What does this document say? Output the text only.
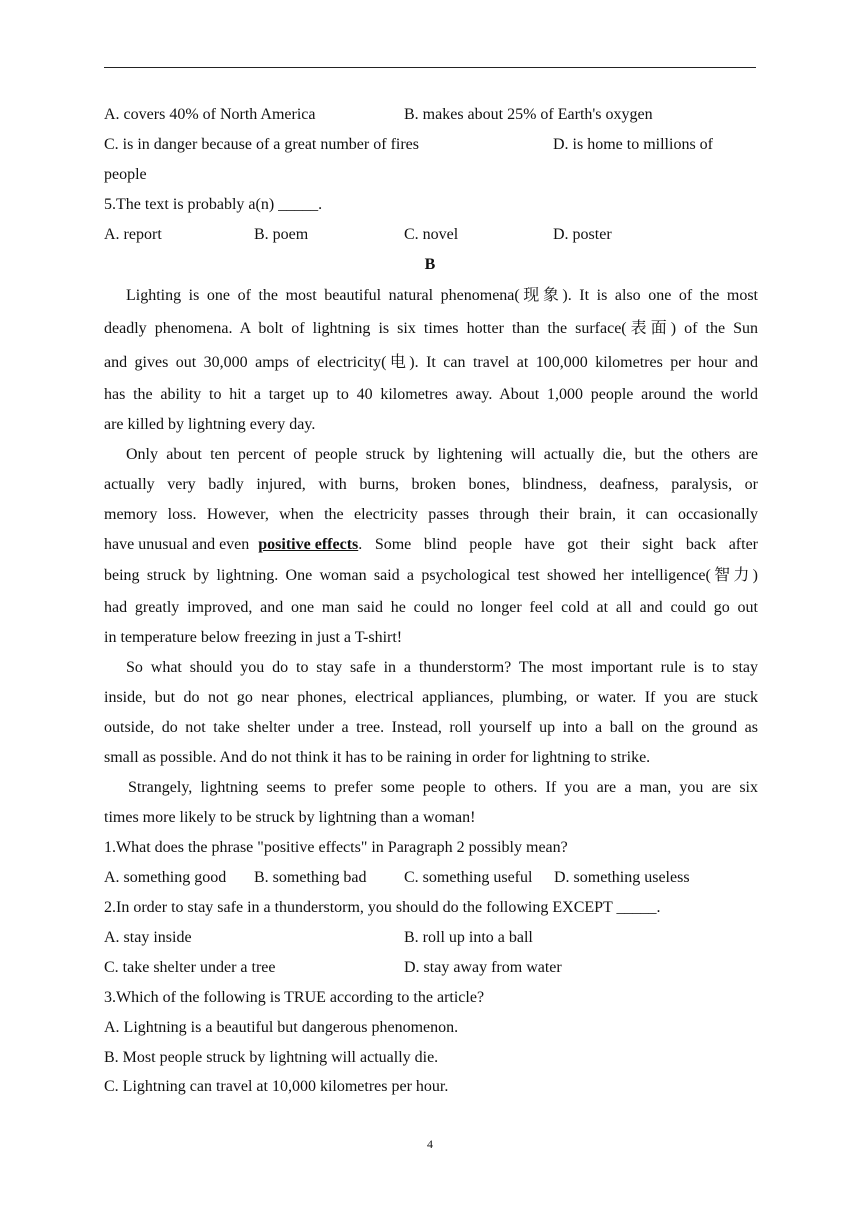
A. covers 40% of North America	B. makes about 25% of Earth's oxygen
C. is in danger because of a great number of fires	D. is home to millions of
people
5.The text is probably a(n) _____.
A. report	B. poem	C. novel	D. poster
B
Lighting is one of the most beautiful natural phenomena(现象). It is also one of the most
deadly phenomena. A bolt of lightning is six times hotter than the surface(表面) of the Sun
and gives out 30,000 amps of electricity(电). It can travel at 100,000 kilometres per hour and
has the ability to hit a target up to 40 kilometres away. About 1,000 people around the world
are killed by lightning every day.
Only about ten percent of people struck by lightening will actually die, but the others are
actually very badly injured, with burns, broken bones, blindness, deafness, paralysis, or
memory loss. However, when the electricity passes through their brain, it can occasionally
have unusual and even positive effects . Some blind people have got their sight back after
being struck by lightning. One woman said a psychological test showed her intelligence(智力)
had greatly improved, and one man said he could no longer feel cold at all and could go out
in temperature below freezing in just a T-shirt!
So what should you do to stay safe in a thunderstorm? The most important rule is to stay
inside, but do not go near phones, electrical appliances, plumbing, or water. If you are stuck
outside, do not take shelter under a tree. Instead, roll yourself up into a ball on the ground as
small as possible. And do not think it has to be raining in order for lightning to strike.
Strangely, lightning seems to prefer some people to others. If you are a man, you are six
times more likely to be struck by lightning than a woman!
1.What does the phrase "positive effects" in Paragraph 2 possibly mean?
A. something good B. something bad C. something useful D. something useless
2.In order to stay safe in a thunderstorm, you should do the following EXCEPT _____.
A. stay inside	B. roll up into a ball
C. take shelter under a tree	D. stay away from water
3.Which of the following is TRUE according to the article?
A. Lightning is a beautiful but dangerous phenomenon.
B. Most people struck by lightning will actually die.
C. Lightning can travel at 10,000 kilometres per hour.
4
